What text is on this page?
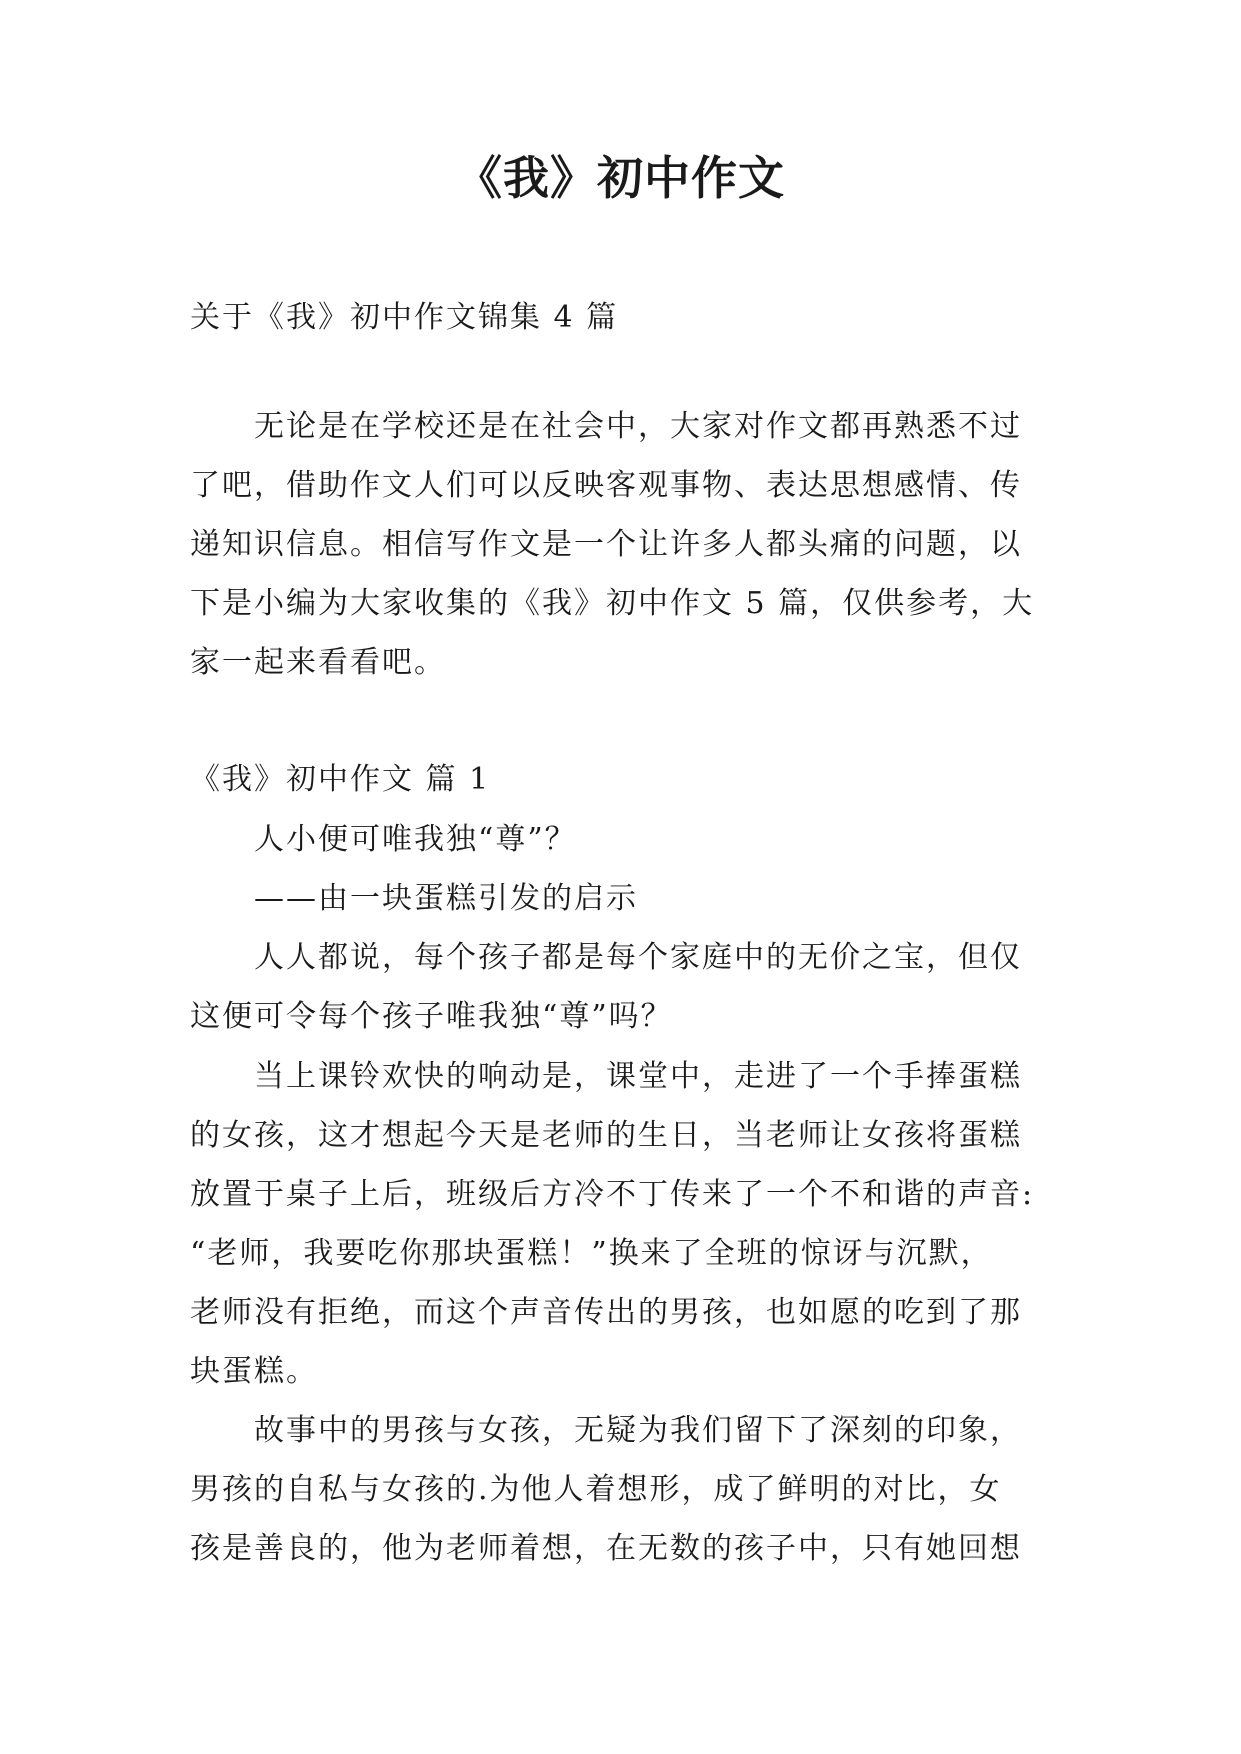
《我》初中作文

关于《我》初中作文锦集 4 篇

无论是在学校还是在社会中，大家对作文都再熟悉不过

了吧，借助作文人们可以反映客观事物、表达思想感情、传

递知识信息。相信写作文是一个让许多人都头痛的问题，以

下是小编为大家收集的《我》初中作文 5 篇，仅供参考，大

家一起来看看吧。

《我》初中作文 篇 1

人小便可唯我独“尊”？

——由一块蛋糕引发的启示

人人都说，每个孩子都是每个家庭中的无价之宝，但仅

这便可令每个孩子唯我独“尊”吗？

当上课铃欢快的响动是，课堂中，走进了一个手捧蛋糕

的女孩，这才想起今天是老师的生日，当老师让女孩将蛋糕

放置于桌子上后，班级后方冷不丁传来了一个不和谐的声音:

“老师，我要吃你那块蛋糕！”换来了全班的惊讶与沉默，

老师没有拒绝，而这个声音传出的男孩，也如愿的吃到了那

块蛋糕。

故事中的男孩与女孩，无疑为我们留下了深刻的印象，

男孩的自私与女孩的.为他人着想形，成了鲜明的对比，女

孩是善良的，他为老师着想，在无数的孩子中，只有她回想
